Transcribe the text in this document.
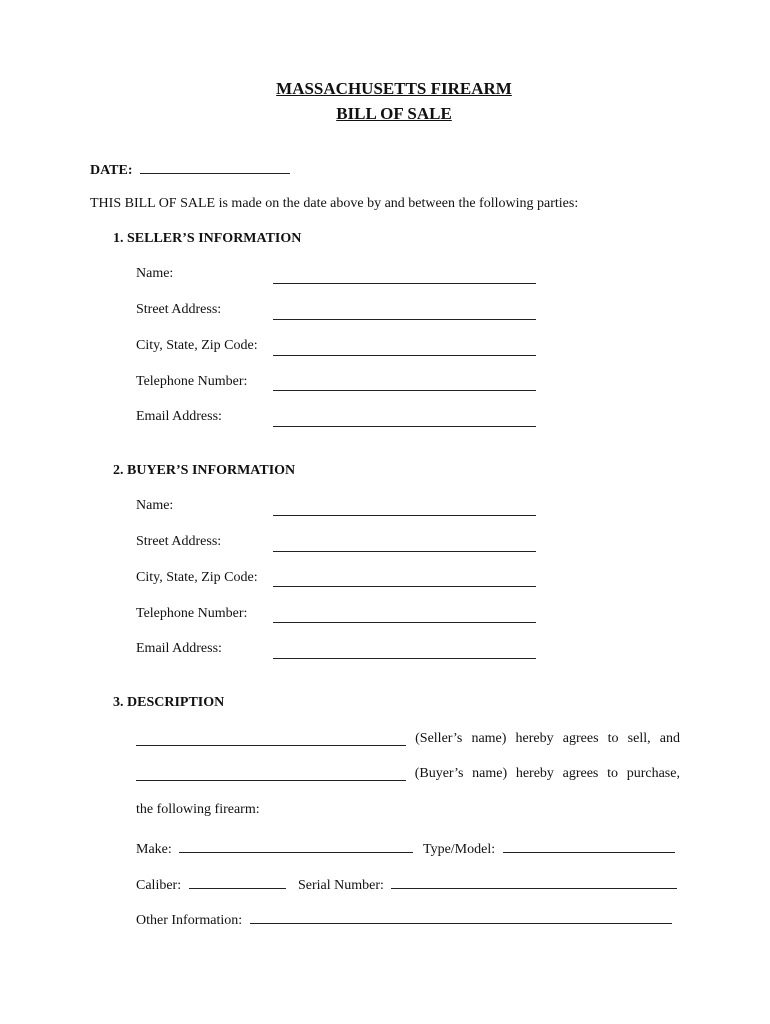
MASSACHUSETTS FIREARM
BILL OF SALE
DATE:
THIS BILL OF SALE is made on the date above by and between the following parties:
1. SELLER’S INFORMATION
Name:
Street Address:
City, State, Zip Code:
Telephone Number:
Email Address:
2. BUYER’S INFORMATION
Name:
Street Address:
City, State, Zip Code:
Telephone Number:
Email Address:
3. DESCRIPTION
(Seller’s name) hereby agrees to sell, and
(Buyer’s name) hereby agrees to purchase,
the following firearm:
Make:	Type/Model:
Caliber:	Serial Number:
Other Information:
